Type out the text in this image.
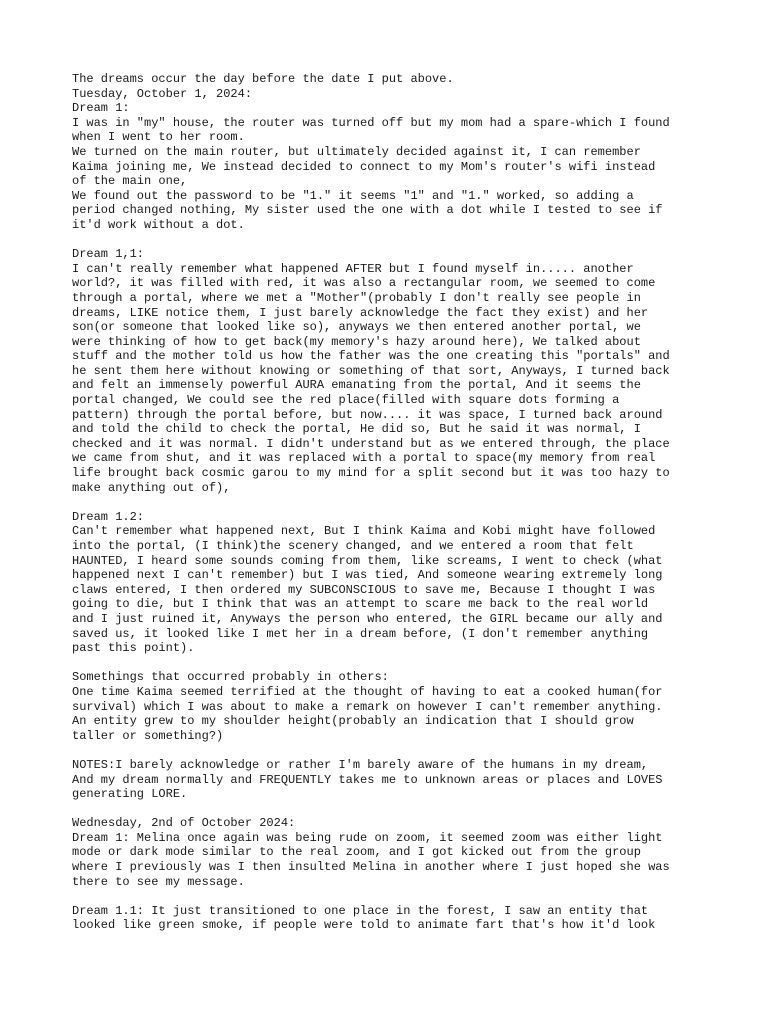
The dreams occur the day before the date I put above.
Tuesday, October 1, 2024:
Dream 1:
I was in "my" house, the router was turned off but my mom had a spare-which I found
when I went to her room.
We turned on the main router, but ultimately decided against it, I can remember
Kaima joining me, We instead decided to connect to my Mom's router's wifi instead
of the main one,
We found out the password to be "1." it seems "1" and "1." worked, so adding a
period changed nothing, My sister used the one with a dot while I tested to see if
it'd work without a dot.
Dream 1,1:
I can't really remember what happened AFTER but I found myself in..... another
world?, it was filled with red, it was also a rectangular room, we seemed to come
through a portal, where we met a "Mother"(probably I don't really see people in
dreams, LIKE notice them, I just barely acknowledge the fact they exist) and her
son(or someone that looked like so), anyways we then entered another portal, we
were thinking of how to get back(my memory's hazy around here), We talked about
stuff and the mother told us how the father was the one creating this "portals" and
he sent them here without knowing or something of that sort, Anyways, I turned back
and felt an immensely powerful AURA emanating from the portal, And it seems the
portal changed, We could see the red place(filled with square dots forming a
pattern) through the portal before, but now.... it was space, I turned back around
and told the child to check the portal, He did so, But he said it was normal, I
checked and it was normal. I didn't understand but as we entered through, the place
we came from shut, and it was replaced with a portal to space(my memory from real
life brought back cosmic garou to my mind for a split second but it was too hazy to
make anything out of),
Dream 1.2:
Can't remember what happened next, But I think Kaima and Kobi might have followed
into the portal, (I think)the scenery changed, and we entered a room that felt
HAUNTED, I heard some sounds coming from them, like screams, I went to check (what
happened next I can't remember) but I was tied, And someone wearing extremely long
claws entered, I then ordered my SUBCONSCIOUS to save me, Because I thought I was
going to die, but I think that was an attempt to scare me back to the real world
and I just ruined it, Anyways the person who entered, the GIRL became our ally and
saved us, it looked like I met her in a dream before, (I don't remember anything
past this point).
Somethings that occurred probably in others:
One time Kaima seemed terrified at the thought of having to eat a cooked human(for
survival) which I was about to make a remark on however I can't remember anything.
An entity grew to my shoulder height(probably an indication that I should grow
taller or something?)
NOTES:I barely acknowledge or rather I'm barely aware of the humans in my dream,
And my dream normally and FREQUENTLY takes me to unknown areas or places and LOVES
generating LORE.
Wednesday, 2nd of October 2024:
Dream 1: Melina once again was being rude on zoom, it seemed zoom was either light
mode or dark mode similar to the real zoom, and I got kicked out from the group
where I previously was I then insulted Melina in another where I just hoped she was
there to see my message.
Dream 1.1: It just transitioned to one place in the forest, I saw an entity that
looked like green smoke, if people were told to animate fart that's how it'd look
